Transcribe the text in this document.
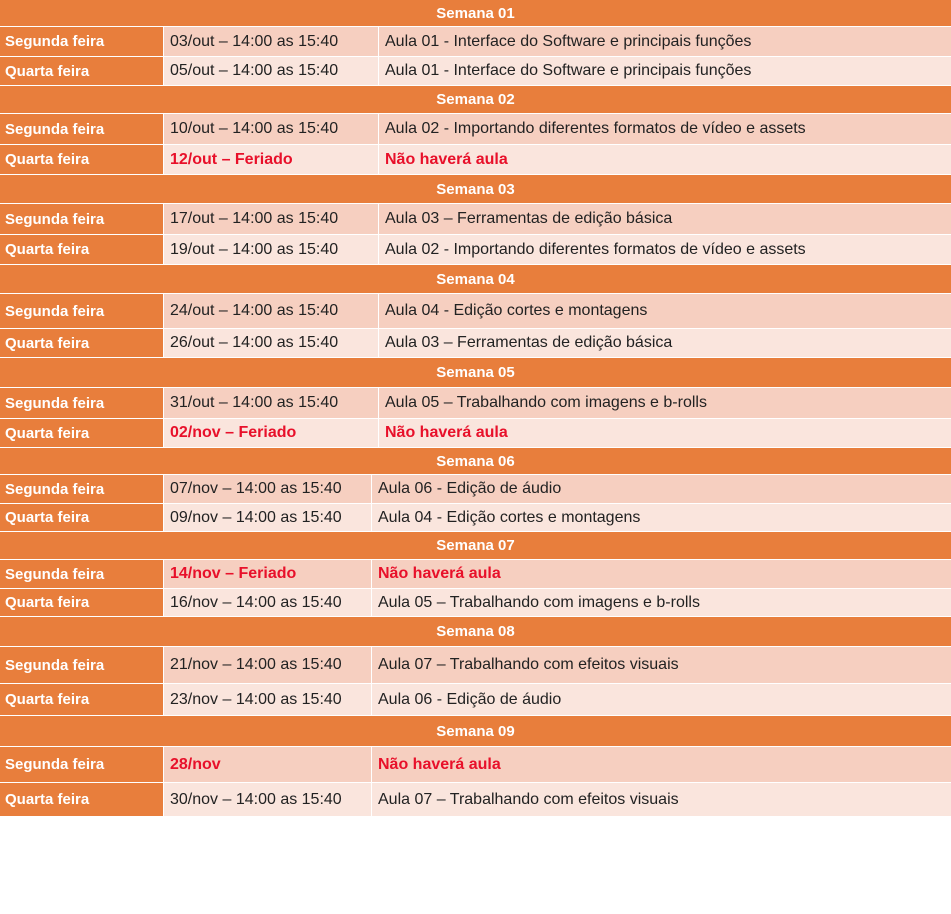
Semana 01
Segunda feira	03/out – 14:00 as 15:40	Aula 01 - Interface do Software e principais funções
Quarta feira	05/out – 14:00 as 15:40	Aula 01 - Interface do Software e principais funções
Semana 02
Segunda feira	10/out – 14:00 as 15:40	Aula 02 - Importando diferentes formatos de vídeo e assets
Quarta feira	12/out – Feriado	Não haverá aula
Semana 03
Segunda feira	17/out – 14:00 as 15:40	Aula 03 – Ferramentas de edição básica
Quarta feira	19/out – 14:00 as 15:40	Aula 02 - Importando diferentes formatos de vídeo e assets
Semana 04
Segunda feira	24/out – 14:00 as 15:40	Aula 04 - Edição cortes e montagens
Quarta feira	26/out – 14:00 as 15:40	Aula 03 – Ferramentas de edição básica
Semana 05
Segunda feira	31/out – 14:00 as 15:40	Aula 05 – Trabalhando com imagens e b-rolls
Quarta feira	02/nov – Feriado	Não haverá aula
Semana 06
Segunda feira	07/nov – 14:00 as 15:40	Aula 06 - Edição de áudio
Quarta feira	09/nov – 14:00 as 15:40	Aula 04 - Edição cortes e montagens
Semana 07
Segunda feira	14/nov – Feriado	Não haverá aula
Quarta feira	16/nov – 14:00 as 15:40	Aula 05 – Trabalhando com imagens e b-rolls
Semana 08
Segunda feira	21/nov – 14:00 as 15:40	Aula 07 – Trabalhando com efeitos visuais
Quarta feira	23/nov – 14:00 as 15:40	Aula 06 - Edição de áudio
Semana 09
Segunda feira	28/nov	Não haverá aula
Quarta feira	30/nov – 14:00 as 15:40	Aula 07 – Trabalhando com efeitos visuais
